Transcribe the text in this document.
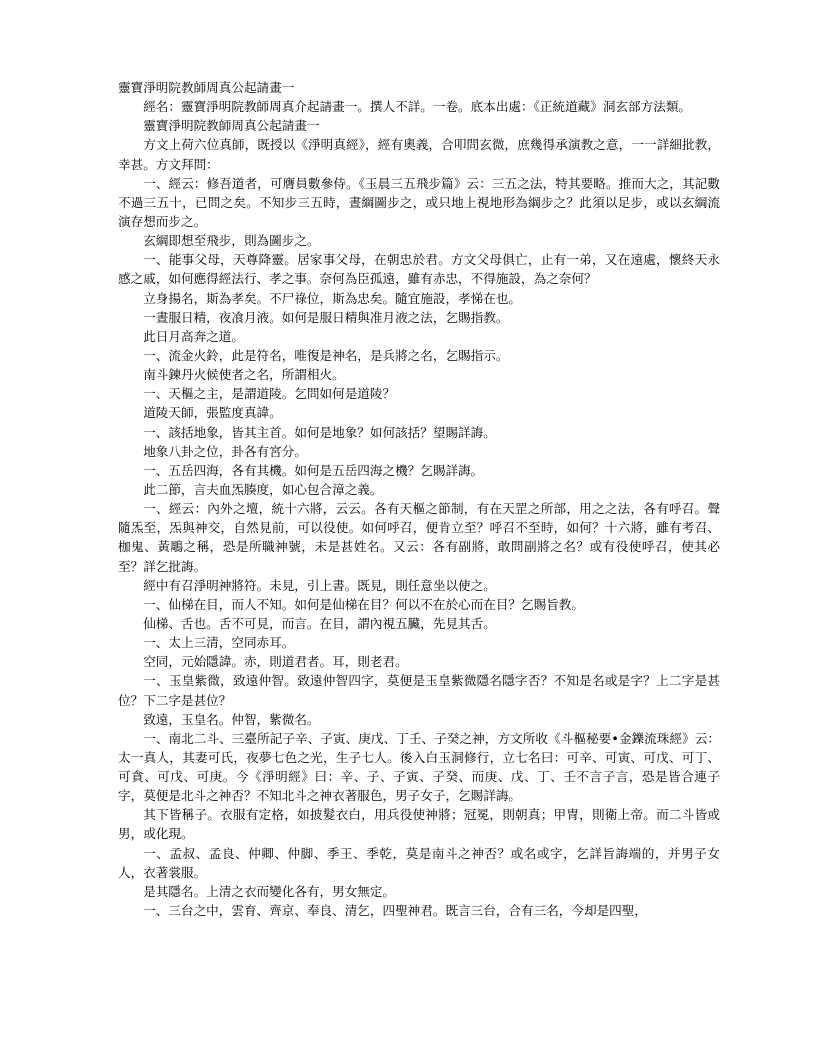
靈寶淨明院教師周真公起請畫一

經名：靈寶淨明院教師周真介起請畫一。撰人不詳。一卷。底本出處：《正統道藏》洞玄部方法類。

靈寶淨明院教師周真公起請畫一

方文上荷六位真師，既授以《淨明真經》，經有奧義，合叩問玄微，庶幾得承演教之意，一一詳細批教，幸甚。方文拜問：

一、經云：修吾道者，可膺員數參侍。《玉晨三五飛步篇》云：三五之法，特其要略。推而大之，其記數不過三五十，已問之矣。不知步三五時，晝綱圖步之，或只地上視地形為綱步之？此須以足步，或以玄綱流演存想而步之。

玄綱即想至飛步，則為圖步之。

一、能事父母，天尊降靈。居家事父母，在朝忠於君。方文父母俱亡，止有一弟，又在遠處，懷終天永感之戚，如何應得經法行、孝之事。奈何為臣孤遠，雖有赤忠，不得施設，為之奈何？

立身揚名，斯為孝矣。不尸祿位，斯為忠矣。隨宜施設，孝悌在也。

一晝服日精，夜飡月液。如何是服日精與准月液之法，乞賜指教。

此日月高奔之道。

一、流金火鈴，此是符名，唯復是神名，是兵將之名，乞賜指示。

南斗鍊丹火候使者之名，所謂相火。

一、天樞之主，是謂道陵。乞問如何是道陵？

道陵天師，張監度真諱。

一、該括地象，皆其主首。如何是地象？如何該括？望賜詳誨。

地象八卦之位，卦各有宮分。

一、五岳四海，各有其機。如何是五岳四海之機？乞賜詳誨。

此二節，言夫血炁腠度，如心包合漳之義。

一、經云：內外之壇，統十六將，云云。各有天樞之節制，有在天罡之所部，用之之法，各有呼召。聲隨炁至，炁與神交，自然見前，可以役使。如何呼召，便肯立至？呼召不至時，如何？十六將，雖有考召、枷鬼、黃鵰之稱，恐是所職神號，未是甚姓名。又云：各有副將，敢問副將之名？或有役使呼召，使其必至？詳乞批誨。

經中有召淨明神將符。未見，引上書。既見，則任意坐以使之。

一、仙梯在目，而人不知。如何是仙梯在目？何以不在於心而在目？乞賜旨教。

仙梯、舌也。舌不可見，而言。在目，謂內視五臟，先見其舌。

一、太上三清，空同赤耳。

空同，元始隱諱。赤，則道君者。耳，則老君。

一、玉皇紫微，致遠仲智。致遠仲智四字，莫便是玉皇紫微隱名隱字否？不知是名或是字？上二字是甚位？下二字是甚位？

致遠，玉皇名。仲智，紫微名。

一、南北二斗、三臺所記子辛、子寅、庚戊、丁壬、子癸之神，方文所收《斗樞秘要•金鑠流珠經》云：太一真人，其妻可氏，夜夢七色之光，生子七人。後入白玉洞修行，立七名曰：可辛、可寅、可戊、可丁、可貪、可戊、可庚。今《淨明經》曰：辛、子、子寅、子癸、而庚、戊、丁、壬不言子言，恐是皆合連子字，莫便是北斗之神否？不知北斗之神衣著服色，男子女子，乞賜詳誨。

其下皆稱子。衣服有定格，如披髮衣白，用兵役使神將；冠冕，則朝真；甲冑，則衛上帝。而二斗皆或男，或化現。

一、孟叔、孟良、仲卿、仲脚、季王、季乾，莫是南斗之神否？或名或字，乞詳旨誨端的，并男子女人，衣著裳服。

是其隱名。上清之衣而變化各有，男女無定。

一、三台之中，雲育、齊京、奉良、清乞，四聖神君。既言三台，合有三名，今却是四聖，
